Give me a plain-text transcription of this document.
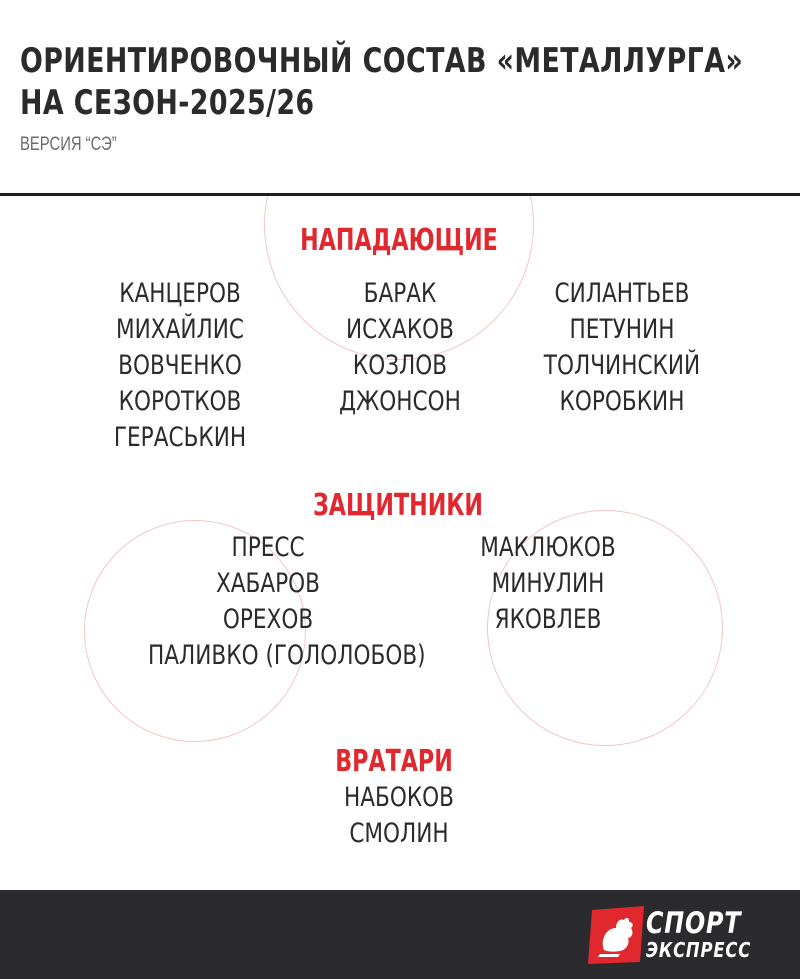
ОРИЕНТИРОВОЧНЫЙ СОСТАВ «МЕТАЛЛУРГА»
НА СЕЗОН-2025/26
ВЕРСИЯ “СЭ”
НАПАДАЮЩИЕ
КАНЦЕРОВ
МИХАЙЛИС
ВОВЧЕНКО
КОРОТКОВ
ГЕРАСЬКИН
БАРАК
ИСХАКОВ
КОЗЛОВ
ДЖОНСОН
СИЛАНТЬЕВ
ПЕТУНИН
ТОЛЧИНСКИЙ
КОРОБКИН
ЗАЩИТНИКИ
ПРЕСС
ХАБАРОВ
ОРЕХОВ
ПАЛИВКО (ГОЛОЛОБОВ)
МАКЛЮКОВ
МИНУЛИН
ЯКОВЛЕВ
ВРАТАРИ
НАБОКОВ
СМОЛИН
СПОРТ
ЭКСПРЕСС
